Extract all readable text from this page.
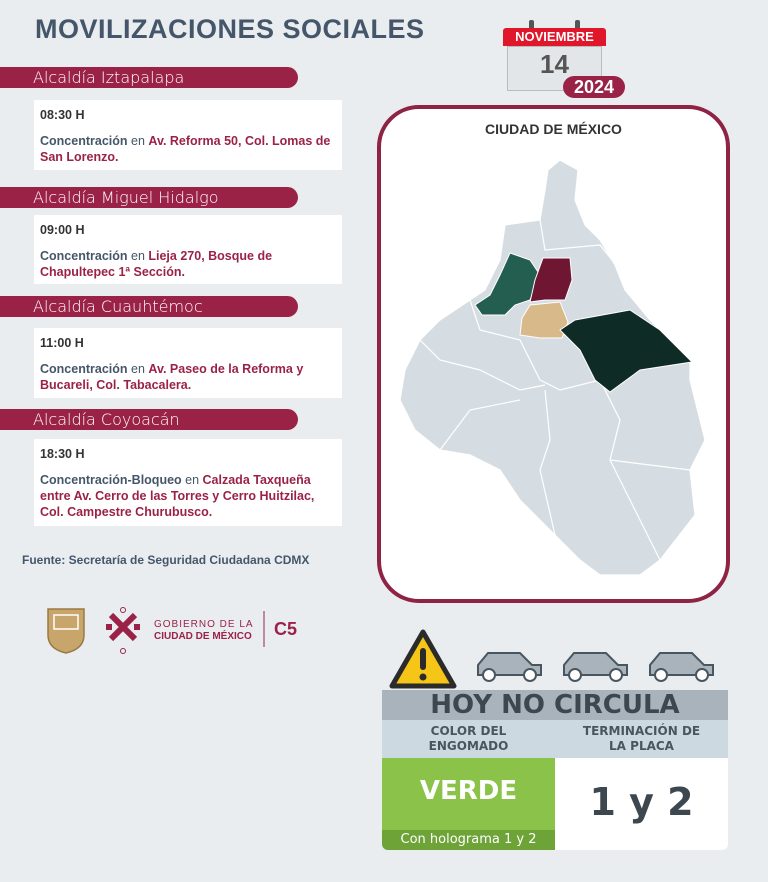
MOVILIZACIONES SOCIALES	NOVIEMBRE
14
2024
Alcaldía Iztapalapa
08:30 H
Concentración en Av. Reforma 50, Col. Lomas de San Lorenzo.
Alcaldía Miguel Hidalgo
09:00 H
Concentración en Lieja 270, Bosque de Chapultepec 1ª Sección.
Alcaldía Cuauhtémoc
11:00 H
Concentración en Av. Paseo de la Reforma y Bucareli, Col. Tabacalera.
Alcaldía Coyoacán
18:30 H
Concentración-Bloqueo en Calzada Taxqueña entre Av. Cerro de las Torres y Cerro Huitzilac, Col. Campestre Churubusco.
Fuente: Secretaría de Seguridad Ciudadana CDMX
GOBIERNO DE LA
CIUDAD DE MÉXICO C5
CIUDAD DE MÉXICO
HOY NO CIRCULA
COLOR DEL ENGOMADO
TERMINACIÓN DE LA PLACA
VERDE
Con holograma 1 y 2
1 y 2
